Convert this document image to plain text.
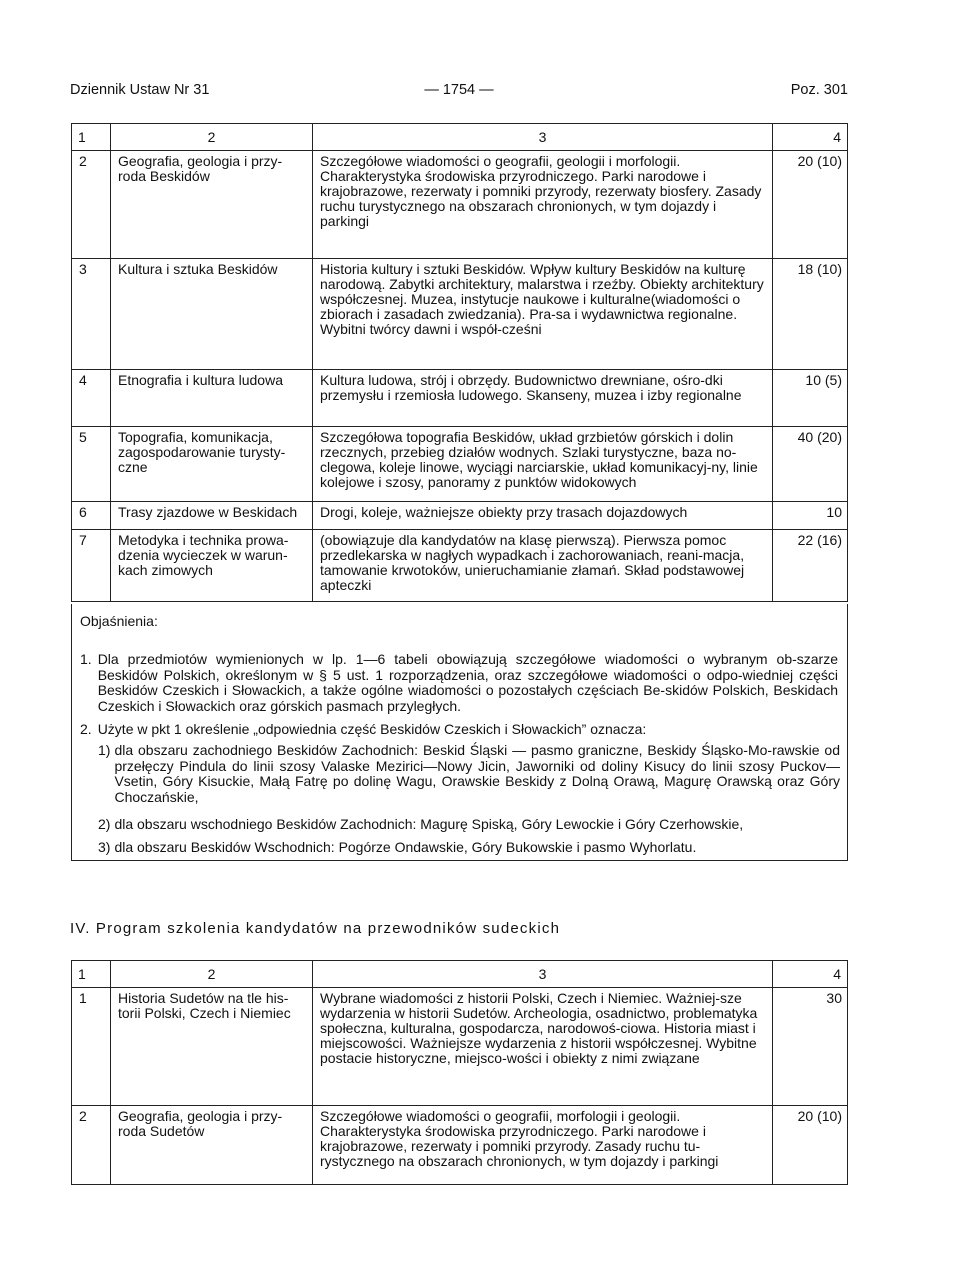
Dziennik Ustaw Nr 31	— 1754 —	Poz. 301
1	2	3	4
2	Geografia, geologia i przy-roda Beskidów	Szczegółowe wiadomości o geografii, geologii i morfologii. Charakterystyka środowiska przyrodniczego. Parki narodowe i krajobrazowe, rezerwaty i pomniki przyrody, rezerwaty biosfery. Zasady ruchu turystycznego na obszarach chronionych, w tym dojazdy i parkingi	20 (10)
3	Kultura i sztuka Beskidów	Historia kultury i sztuki Beskidów. Wpływ kultury Beskidów na kulturę narodową. Zabytki architektury, malarstwa i rzeźby. Obiekty architektury współczesnej. Muzea, instytucje naukowe i kulturalne(wiadomości o zbiorach i zasadach zwiedzania). Pra-sa i wydawnictwa regionalne. Wybitni twórcy dawni i współ-cześni	18 (10)
4	Etnografia i kultura ludowa	Kultura ludowa, strój i obrzędy. Budownictwo drewniane, ośro-dki przemysłu i rzemiosła ludowego. Skanseny, muzea i izby regionalne	10 (5)
5	Topografia, komunikacja, zagospodarowanie turysty-czne	Szczegółowa topografia Beskidów, układ grzbietów górskich i dolin rzecznych, przebieg działów wodnych. Szlaki turystyczne, baza no-clegowa, koleje linowe, wyciągi narciarskie, układ komunikacyj-ny, linie kolejowe i szosy, panoramy z punktów widokowych	40 (20)
6	Trasy zjazdowe w Beskidach	Drogi, koleje, ważniejsze obiekty przy trasach dojazdowych	10
7	Metodyka i technika prowa-dzenia wycieczek w warun-kach zimowych	(obowiązuje dla kandydatów na klasę pierwszą). Pierwsza pomoc przedlekarska w nagłych wypadkach i zachorowaniach, reani-macja, tamowanie krwotoków, unieruchamianie złamań. Skład podstawowej apteczki	22 (16)
Objaśnienia:
1. Dla przedmiotów wymienionych w lp. 1—6 tabeli obowiązują szczegółowe wiadomości o wybranym ob-szarze Beskidów Polskich, określonym w § 5 ust. 1 rozporządzenia, oraz szczegółowe wiadomości o odpo-wiedniej części Beskidów Czeskich i Słowackich, a także ogólne wiadomości o pozostałych częściach Be-skidów Polskich, Beskidach Czeskich i Słowackich oraz górskich pasmach przyległych.
2. Użyte w pkt 1 określenie „odpowiednia część Beskidów Czeskich i Słowackich” oznacza:
1) dla obszaru zachodniego Beskidów Zachodnich: Beskid Śląski — pasmo graniczne, Beskidy Śląsko-Mo-rawskie od przełęczy Pindula do linii szosy Valaske Mezirici—Nowy Jicin, Jaworniki od doliny Kisucy do linii szosy Puckov—Vsetin, Góry Kisuckie, Małą Fatrę po dolinę Wagu, Orawskie Beskidy z Dolną Orawą, Magurę Orawską oraz Góry Choczańskie,
2) dla obszaru wschodniego Beskidów Zachodnich: Magurę Spiską, Góry Lewockie i Góry Czerhowskie,
3) dla obszaru Beskidów Wschodnich: Pogórze Ondawskie, Góry Bukowskie i pasmo Wyhorlatu.
IV. Program szkolenia kandydatów na przewodników sudeckich
1	2	3	4
1	Historia Sudetów na tle his-torii Polski, Czech i Niemiec	Wybrane wiadomości z historii Polski, Czech i Niemiec. Ważniej-sze wydarzenia w historii Sudetów. Archeologia, osadnictwo, problematyka społeczna, kulturalna, gospodarcza, narodowoś-ciowa. Historia miast i miejscowości. Ważniejsze wydarzenia z historii współczesnej. Wybitne postacie historyczne, miejsco-wości i obiekty z nimi związane	30
2	Geografia, geologia i przy-roda Sudetów	Szczegółowe wiadomości o geografii, morfologii i geologii. Charakterystyka środowiska przyrodniczego. Parki narodowe i krajobrazowe, rezerwaty i pomniki przyrody. Zasady ruchu tu-rystycznego na obszarach chronionych, w tym dojazdy i parkingi	20 (10)
